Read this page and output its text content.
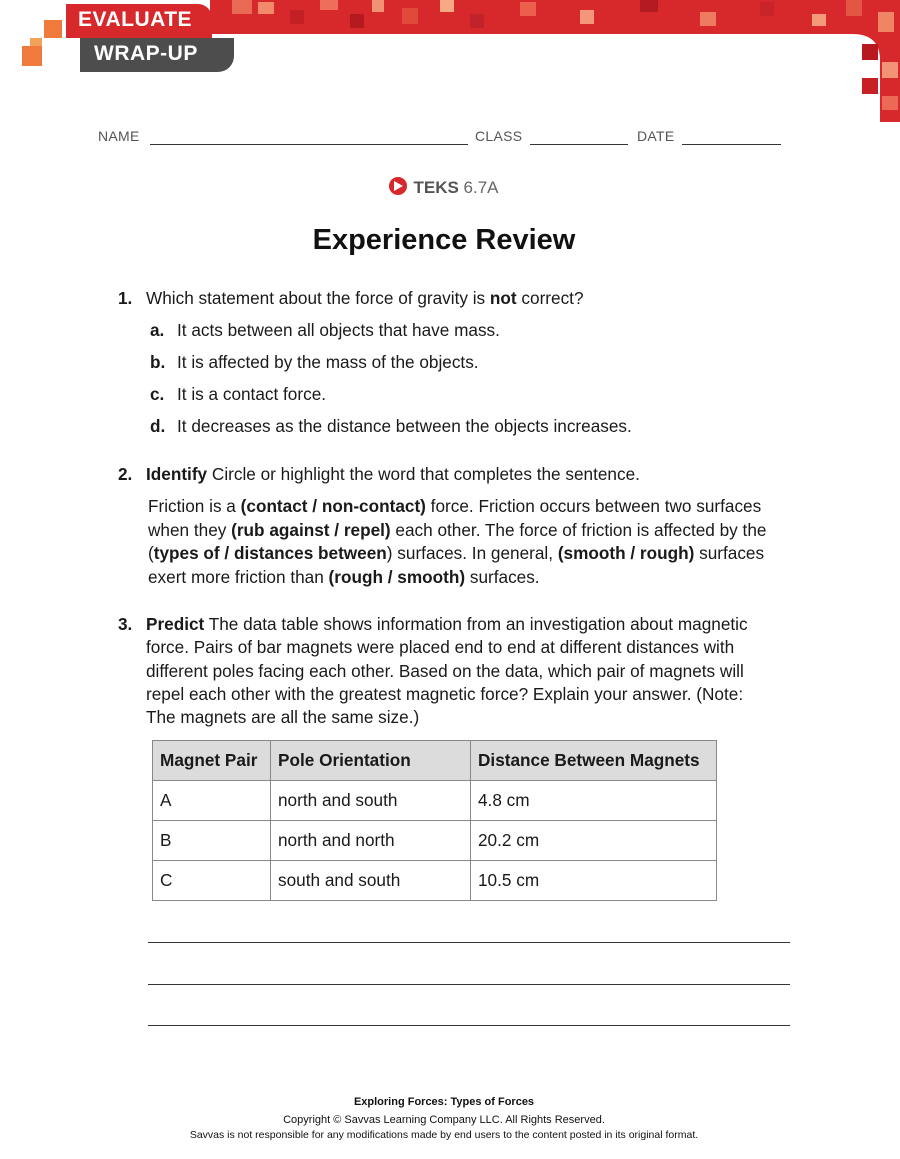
EVALUATE
WRAP-UP
NAME	CLASS	DATE
TEKS 6.7A
Experience Review
1. Which statement about the force of gravity is not correct?
a. It acts between all objects that have mass.
b. It is affected by the mass of the objects.
c. It is a contact force.
d. It decreases as the distance between the objects increases.
2. Identify Circle or highlight the word that completes the sentence.
Friction is a (contact / non-contact) force. Friction occurs between two surfaces
when they (rub against / repel) each other. The force of friction is affected by the
(types of / distances between) surfaces. In general, (smooth / rough) surfaces
exert more friction than (rough / smooth) surfaces.
3. Predict The data table shows information from an investigation about magnetic
force. Pairs of bar magnets were placed end to end at different distances with
different poles facing each other. Based on the data, which pair of magnets will
repel each other with the greatest magnetic force? Explain your answer. (Note:
The magnets are all the same size.)
Magnet Pair	Pole Orientation	Distance Between Magnets
A	north and south	4.8 cm
B	north and north	20.2 cm
C	south and south	10.5 cm
Exploring Forces: Types of Forces
Copyright © Savvas Learning Company LLC. All Rights Reserved.
Savvas is not responsible for any modifications made by end users to the content posted in its original format.
